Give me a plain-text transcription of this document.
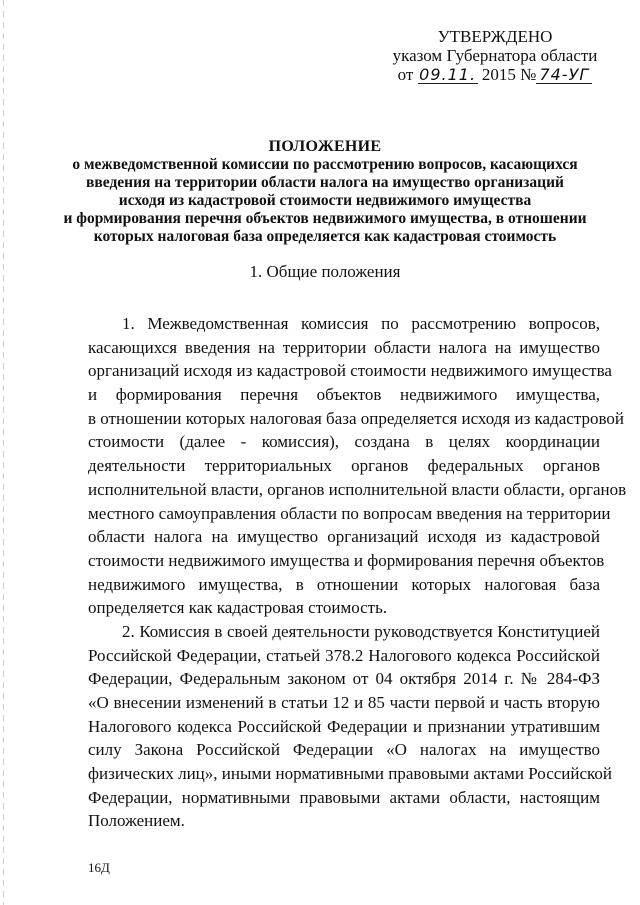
УТВЕРЖДЕНО
указом Губернатора области
от 09.11. 2015 № 74-УГ
ПОЛОЖЕНИЕ
о межведомственной комиссии по рассмотрению вопросов, касающихся
введения на территории области налога на имущество организаций
исходя из кадастровой стоимости недвижимого имущества
и формирования перечня объектов недвижимого имущества, в отношении
которых налоговая база определяется как кадастровая стоимость
1. Общие положения
1. Межведомственная комиссия по рассмотрению вопросов,
касающихся введения на территории области налога на имущество
организаций исходя из кадастровой стоимости недвижимого имущества
и формирования перечня объектов недвижимого имущества,
в отношении которых налоговая база определяется исходя из кадастровой
стоимости (далее - комиссия), создана в целях координации
деятельности территориальных органов федеральных органов
исполнительной власти, органов исполнительной власти области, органов
местного самоуправления области по вопросам введения на территории
области налога на имущество организаций исходя из кадастровой
стоимости недвижимого имущества и формирования перечня объектов
недвижимого имущества, в отношении которых налоговая база
определяется как кадастровая стоимость.
2. Комиссия в своей деятельности руководствуется Конституцией
Российской Федерации, статьей 378.2 Налогового кодекса Российской
Федерации, Федеральным законом от 04 октября 2014 г. № 284-ФЗ
«О внесении изменений в статьи 12 и 85 части первой и часть вторую
Налогового кодекса Российской Федерации и признании утратившим
силу Закона Российской Федерации «О налогах на имущество
физических лиц», иными нормативными правовыми актами Российской
Федерации, нормативными правовыми актами области, настоящим
Положением.
16Д
